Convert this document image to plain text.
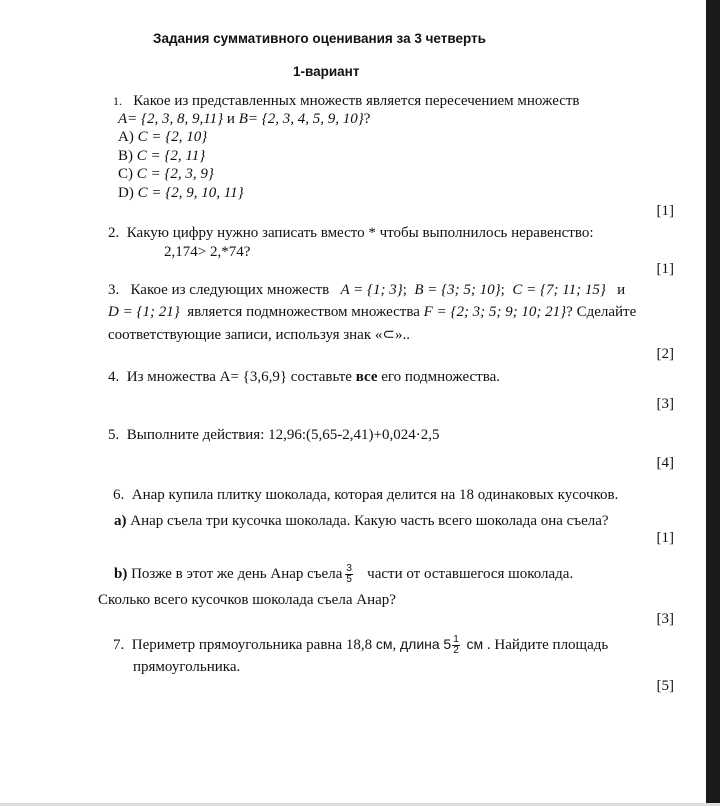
Задания суммативного оценивания за 3 четверть
1-вариант
1. Какое из представленных множеств является пересечением множеств
A= {2, 3, 8, 9,11} и B= {2, 3, 4, 5, 9, 10}?
A) C = {2, 10}
B) C = {2, 11}
C) C = {2, 3, 9}
D) C = {2, 9, 10, 11}
[1]
2. Какую цифру нужно записать вместо * чтобы выполнилось неравенство:
2,174> 2,*74?
[1]
3. Какое из следующих множеств A = {1; 3};  B = {3; 5; 10};  C = {7; 11; 15} и
D = {1; 21} является подмножеством множества F = {2; 3; 5; 9; 10; 21}? Сделайте
соответствующие записи, используя знак «⊂»..
[2]
4. Из множества A= {3,6,9} составьте все его подмножества.
[3]
5. Выполните действия: 12,96:(5,65-2,41)+0,024·2,5
[4]
6. Анар купила плитку шоколада, которая делится на 18 одинаковых кусочков.
a) Анар съела три кусочка шоколада. Какую часть всего шоколада она съела?
[1]
b) Позже в этот же день Анар съела $\frac{3}{5}$ части от оставшегося шоколада.
Сколько всего кусочков шоколада съела Анар?
[3]
7. Периметр прямоугольника равна 18,8 см, длина $5 \frac{1}{2}$ см . Найдите площадь
прямоугольника.
[5]
